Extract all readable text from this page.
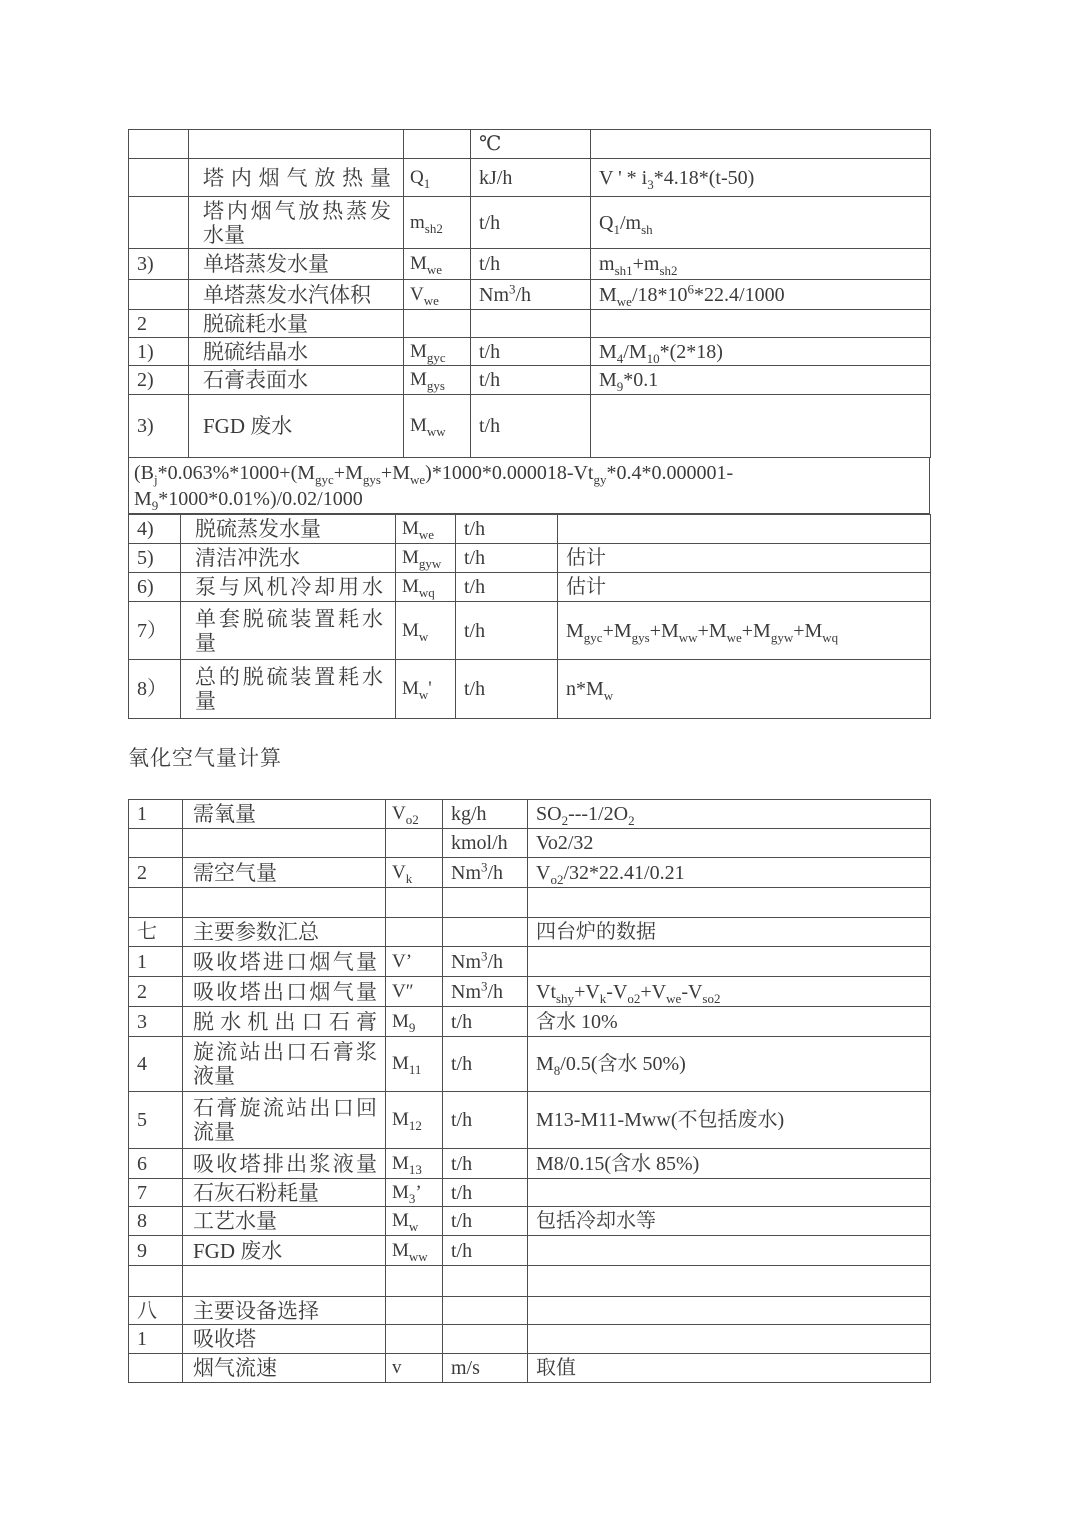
			℃	
	塔内烟气放热量	$Q_1$	kJ/h	V ' * $i_3*4.18*(t-50)$
	塔内烟气放热蒸发水量	$m_{sh2}$	t/h	$Q_1/m_{sh}$
3)	单塔蒸发水量	$M_{we}$	t/h	$m_{sh1}+m_{sh2}$
	单塔蒸发水汽体积	$V_{we}$	Nm$^3$/h	$M_{we}/18*10^6*22.4/1000$
2	脱硫耗水量			
1)	脱硫结晶水	$M_{gyc}$	t/h	$M_4/M_{10}*(2*18)$
2)	石膏表面水	$M_{gys}$	t/h	$M_9*0.1$
3)	FGD 废水	$M_{ww}$	t/h	
$(B_j*0.063\%*1000+(M_{gyc}+M_{gys}+M_{we})*1000*0.000018-Vt_{gy}*0.4*0.000001-M_9*1000*0.01\%)/0.02/1000$
4)	脱硫蒸发水量	$M_{we}$	t/h	
5)	清洁冲洗水	$M_{gyw}$	t/h	估计
6)	泵与风机冷却用水	$M_{wq}$	t/h	估计
7）	单套脱硫装置耗水量	$M_w$	t/h	$M_{gyc}+M_{gys}+M_{ww}+M_{we}+M_{gyw}+M_{wq}$
8）	总的脱硫装置耗水量	$M_w'$	t/h	$n*M_w$
氧化空气量计算
1	需氧量	$V_{o2}$	kg/h	$SO_2---1/2O_2$
			kmol/h	Vo2/32
2	需空气量	$V_k$	Nm$^3$/h	$V_{o2}/32*22.41/0.21$

七	主要参数汇总			四台炉的数据
1	吸收塔进口烟气量	V’	Nm$^3$/h	
2	吸收塔出口烟气量	V″	Nm$^3$/h	$Vt_{shy}+V_k-V_{o2}+V_{we}-V_{so2}$
3	脱水机出口石膏	$M_9$	t/h	含水 10%
4	旋流站出口石膏浆液量	$M_{11}$	t/h	$M_8/0.5$(含水 50%)
5	石膏旋流站出口回流量	$M_{12}$	t/h	M13-M11-Mww(不包括废水)
6	吸收塔排出浆液量	$M_{13}$	t/h	M8/0.15(含水 85%)
7	石灰石粉耗量	$M_3$’	t/h	
8	工艺水量	$M_w$	t/h	包括冷却水等
9	FGD 废水	$M_{ww}$	t/h	

八	主要设备选择			
1	吸收塔			
	烟气流速	v	m/s	取值
